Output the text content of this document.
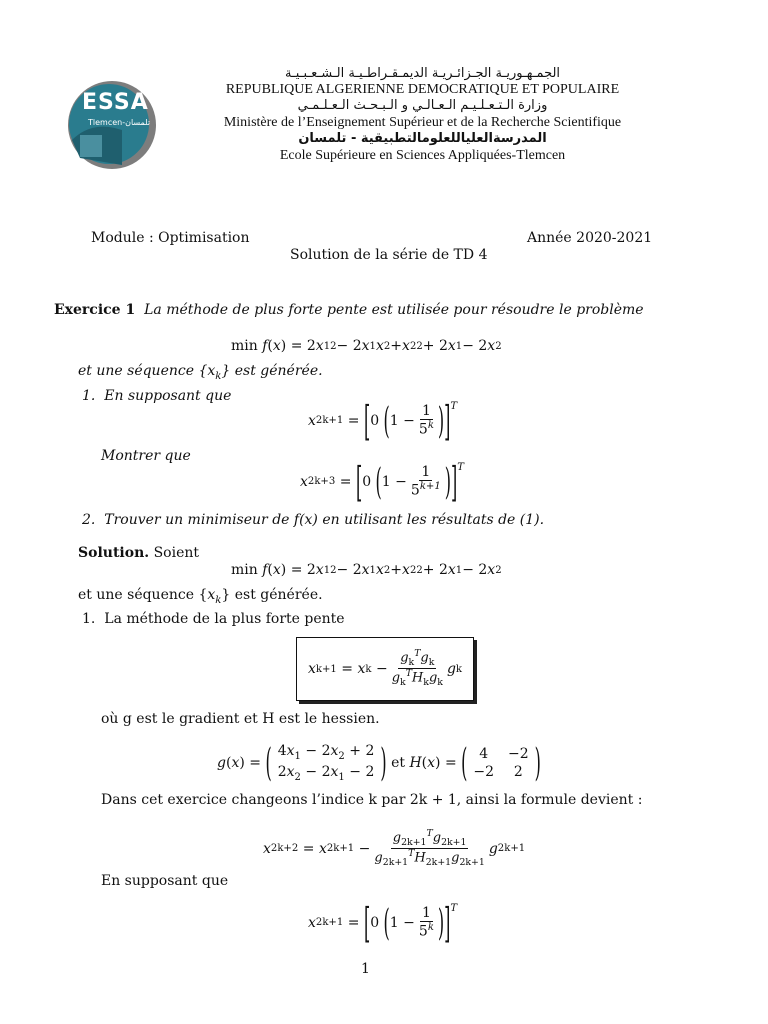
ESSA
Tlemcen-تلمسان
الجمـهـوريـة الجـزائـريـة الديمـقـراطـيـة الـشـعـبـيـة
REPUBLIQUE ALGERIENNE DEMOCRATIQUE ET POPULAIRE
وزارة الـتـعـلـيـم الـعـالـي و الـبـحـث الـعـلـمـي
Ministère de l’Enseignement Supérieur et de la Recherche Scientifique
المدرسةالعلياللعلومالتطبيقية - تلمسان
Ecole Supérieure en Sciences Appliquées-Tlemcen
Module : Optimisation	Année 2020-2021
Solution de la série de TD 4
Exercice 1 La méthode de plus forte pente est utilisée pour résoudre le problème
min f ( x ) = 2 x 1 2 − 2 x 1 x 2 + x 2 2 + 2 x 1 − 2 x 2
et une séquence $\{x_k\}$ est générée.
1. En supposant que
x 2k+1 = [ 0 ( $1 - \frac{1}{5^k}$ ) ]$^T$
Montrer que
x 2k+3 = [ 0 ( $1 - \frac{1}{5^{k+1}}$ ) ]$^T$
2. Trouver un minimiseur de f(x) en utilisant les résultats de (1).
Solution. Soient
min f ( x ) = 2 x 1 2 − 2 x 1 x 2 + x 2 2 + 2 x 1 − 2 x 2
et une séquence $\{x_k\}$ est générée.
1. La méthode de la plus forte pente
x k+1 = x $k - \frac{g_k^Tg_k}{g_k^TH_kg_k}$ g k
où g est le gradient et H est le hessien.
g ( x ) = ( $4x_1 - 2x_2 + 2$
$2x_2 - 2x_1 - 2$ )
et
H ( x ) = ( 4	−2
−2	2 )
Dans cet exercice changeons l’indice k par 2k + 1, ainsi la formule devient :
x 2k+2 = x $2k+1 - \frac{g_{2k+1}^Tg_{2k+1}}{g_{2k+1}^TH_{2k+1}g_{2k+1}}$ g 2k+1
En supposant que
x 2k+1 = [ 0 ( $1 - \frac{1}{5^k}$ ) ]$^T$
1
